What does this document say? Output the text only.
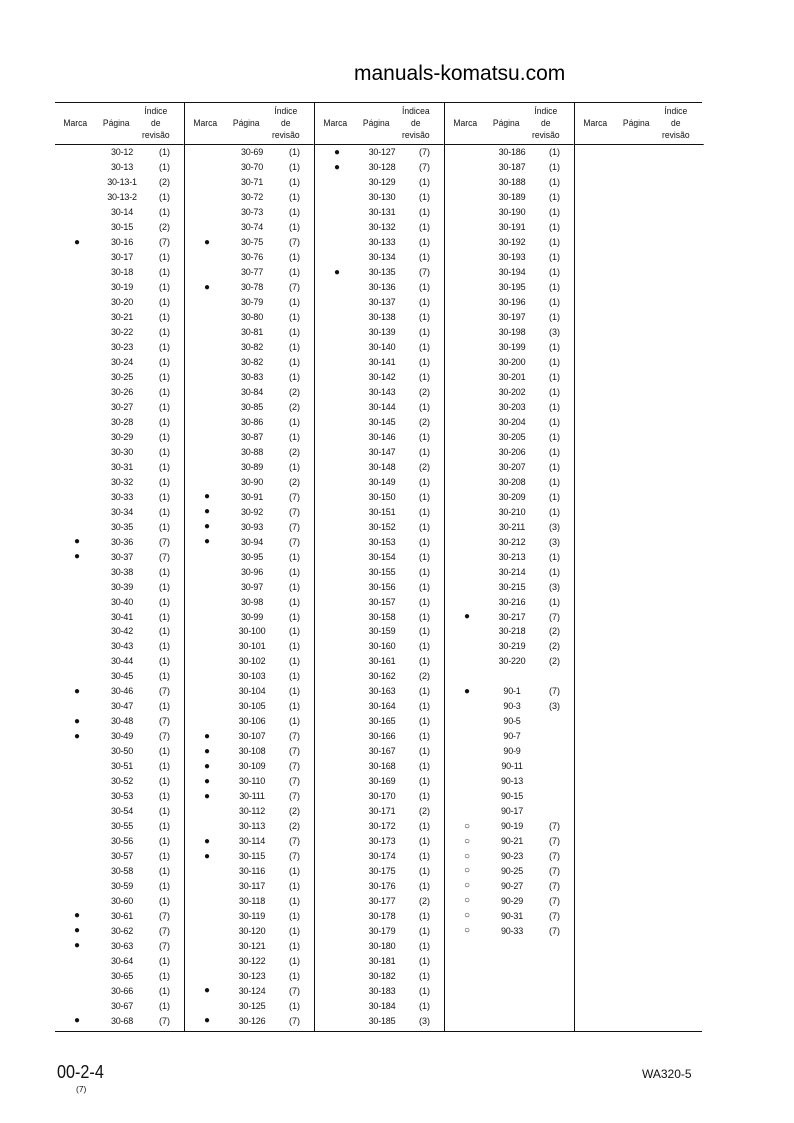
Marca	Página
Índice
de
revisão
30-12	(1)
30-13	(1)
30-13-1	(2)
30-13-2	(1)
30-14	(1)
30-15	(2)
●	30-16	(7)
30-17	(1)
30-18	(1)
30-19	(1)
30-20	(1)
30-21	(1)
30-22	(1)
30-23	(1)
30-24	(1)
30-25	(1)
30-26	(1)
30-27	(1)
30-28	(1)
30-29	(1)
30-30	(1)
30-31	(1)
30-32	(1)
30-33	(1)
30-34	(1)
30-35	(1)
●	30-36	(7)
●	30-37	(7)
30-38	(1)
30-39	(1)
30-40	(1)
30-41	(1)
30-42	(1)
30-43	(1)
30-44	(1)
30-45	(1)
●	30-46	(7)
30-47	(1)
●	30-48	(7)
●	30-49	(7)
30-50	(1)
30-51	(1)
30-52	(1)
30-53	(1)
30-54	(1)
30-55	(1)
30-56	(1)
30-57	(1)
30-58	(1)
30-59	(1)
30-60	(1)
●	30-61	(7)
●	30-62	(7)
●	30-63	(7)
30-64	(1)
30-65	(1)
30-66	(1)
30-67	(1)
●	30-68	(7)
Marca	Página
Índice
de
revisão
30-69	(1)
30-70	(1)
30-71	(1)
30-72	(1)
30-73	(1)
30-74	(1)
●	30-75	(7)
30-76	(1)
30-77	(1)
●	30-78	(7)
30-79	(1)
30-80	(1)
30-81	(1)
30-82	(1)
30-82	(1)
30-83	(1)
30-84	(2)
30-85	(2)
30-86	(1)
30-87	(1)
30-88	(2)
30-89	(1)
30-90	(2)
●	30-91	(7)
●	30-92	(7)
●	30-93	(7)
●	30-94	(7)
30-95	(1)
30-96	(1)
30-97	(1)
30-98	(1)
30-99	(1)
30-100	(1)
30-101	(1)
30-102	(1)
30-103	(1)
30-104	(1)
30-105	(1)
30-106	(1)
●	30-107	(7)
●	30-108	(7)
●	30-109	(7)
●	30-110	(7)
●	30-111	(7)
30-112	(2)
30-113	(2)
●	30-114	(7)
●	30-115	(7)
30-116	(1)
30-117	(1)
30-118	(1)
30-119	(1)
30-120	(1)
30-121	(1)
30-122	(1)
30-123	(1)
●	30-124	(7)
30-125	(1)
●	30-126	(7)
Marca	Página
Índicea
de
revisão
●	30-127	(7)
●	30-128	(7)
30-129	(1)
30-130	(1)
30-131	(1)
30-132	(1)
30-133	(1)
30-134	(1)
●	30-135	(7)
30-136	(1)
30-137	(1)
30-138	(1)
30-139	(1)
30-140	(1)
30-141	(1)
30-142	(1)
30-143	(2)
30-144	(1)
30-145	(2)
30-146	(1)
30-147	(1)
30-148	(2)
30-149	(1)
30-150	(1)
30-151	(1)
30-152	(1)
30-153	(1)
30-154	(1)
30-155	(1)
30-156	(1)
30-157	(1)
30-158	(1)
30-159	(1)
30-160	(1)
30-161	(1)
30-162	(2)
30-163	(1)
30-164	(1)
30-165	(1)
30-166	(1)
30-167	(1)
30-168	(1)
30-169	(1)
30-170	(1)
30-171	(2)
30-172	(1)
30-173	(1)
30-174	(1)
30-175	(1)
30-176	(1)
30-177	(2)
30-178	(1)
30-179	(1)
30-180	(1)
30-181	(1)
30-182	(1)
30-183	(1)
30-184	(1)
30-185	(3)
Marca	Página
Índice
de
revisão
30-186	(1)
30-187	(1)
30-188	(1)
30-189	(1)
30-190	(1)
30-191	(1)
30-192	(1)
30-193	(1)
30-194	(1)
30-195	(1)
30-196	(1)
30-197	(1)
30-198	(3)
30-199	(1)
30-200	(1)
30-201	(1)
30-202	(1)
30-203	(1)
30-204	(1)
30-205	(1)
30-206	(1)
30-207	(1)
30-208	(1)
30-209	(1)
30-210	(1)
30-211	(3)
30-212	(3)
30-213	(1)
30-214	(1)
30-215	(3)
30-216	(1)
●	30-217	(7)
30-218	(2)
30-219	(2)
30-220	(2)
●	90-1	(7)
90-3	(3)
90-5
90-7
90-9
90-11
90-13
90-15
90-17
○	90-19	(7)
○	90-21	(7)
○	90-23	(7)
○	90-25	(7)
○	90-27	(7)
○	90-29	(7)
○	90-31	(7)
○	90-33	(7)
Marca	Página
Índice
de
revisão
manuals-komatsu.com
00-2-4
(7)
WA320-5
